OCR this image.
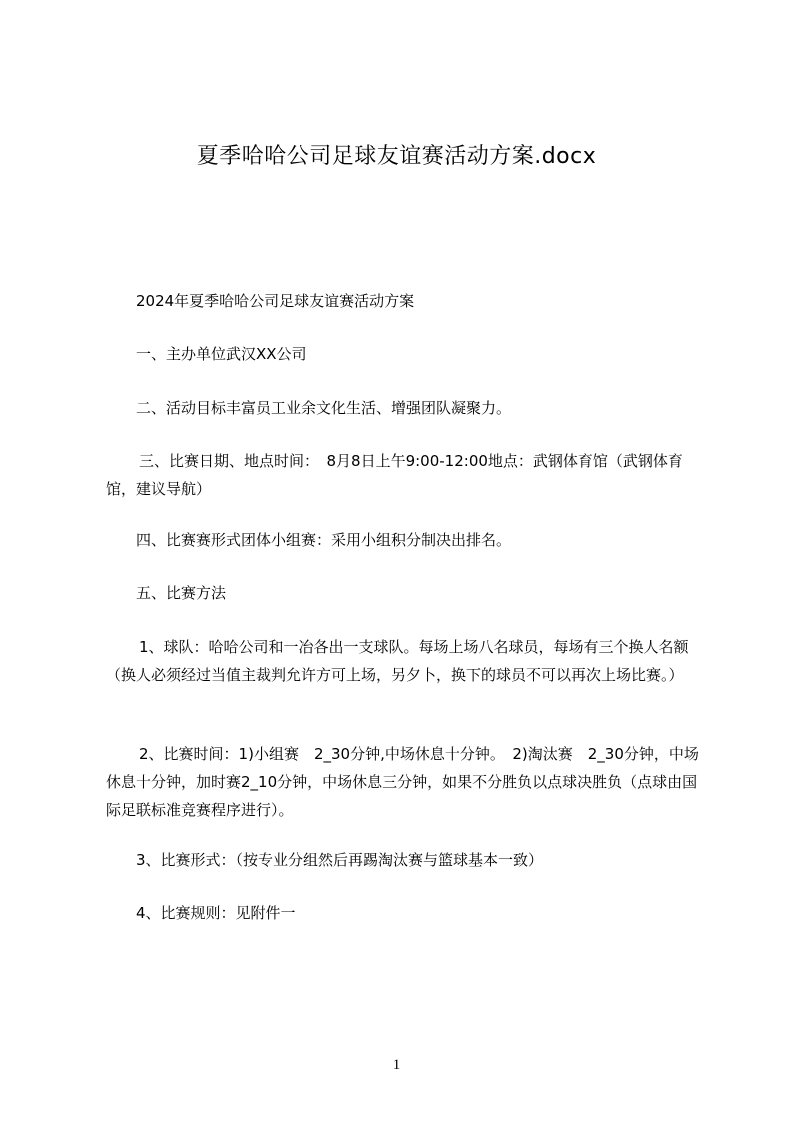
夏季哈哈公司足球友谊赛活动方案.docx
2024年夏季哈哈公司足球友谊赛活动方案
一、主办单位武汉XX公司
二、活动目标丰富员工业余文化生活、增强团队凝聚力。
三、比赛日期、地点时间：　8月8日上午9:00-12:00地点：武钢体育馆（武钢体育馆，建议导航）
四、比赛赛形式团体小组赛：采用小组积分制决出排名。
五、比赛方法
1、球队：哈哈公司和一冶各出一支球队。每场上场八名球员，每场有三个换人名额（换人必须经过当值主裁判允许方可上场，另夕卜，换下的球员不可以再次上场比赛。）
2、比赛时间：1)小组赛　2_30分钟,中场休息十分钟。　2)淘汰赛　2_30分钟，中场休息十分钟，加时赛2_10分钟，中场休息三分钟，如果不分胜负以点球决胜负（点球由国际足联标准竞赛程序进行）。
3、比赛形式：（按专业分组然后再踢淘汰赛与篮球基本一致）
4、比赛规则：见附件一
1
